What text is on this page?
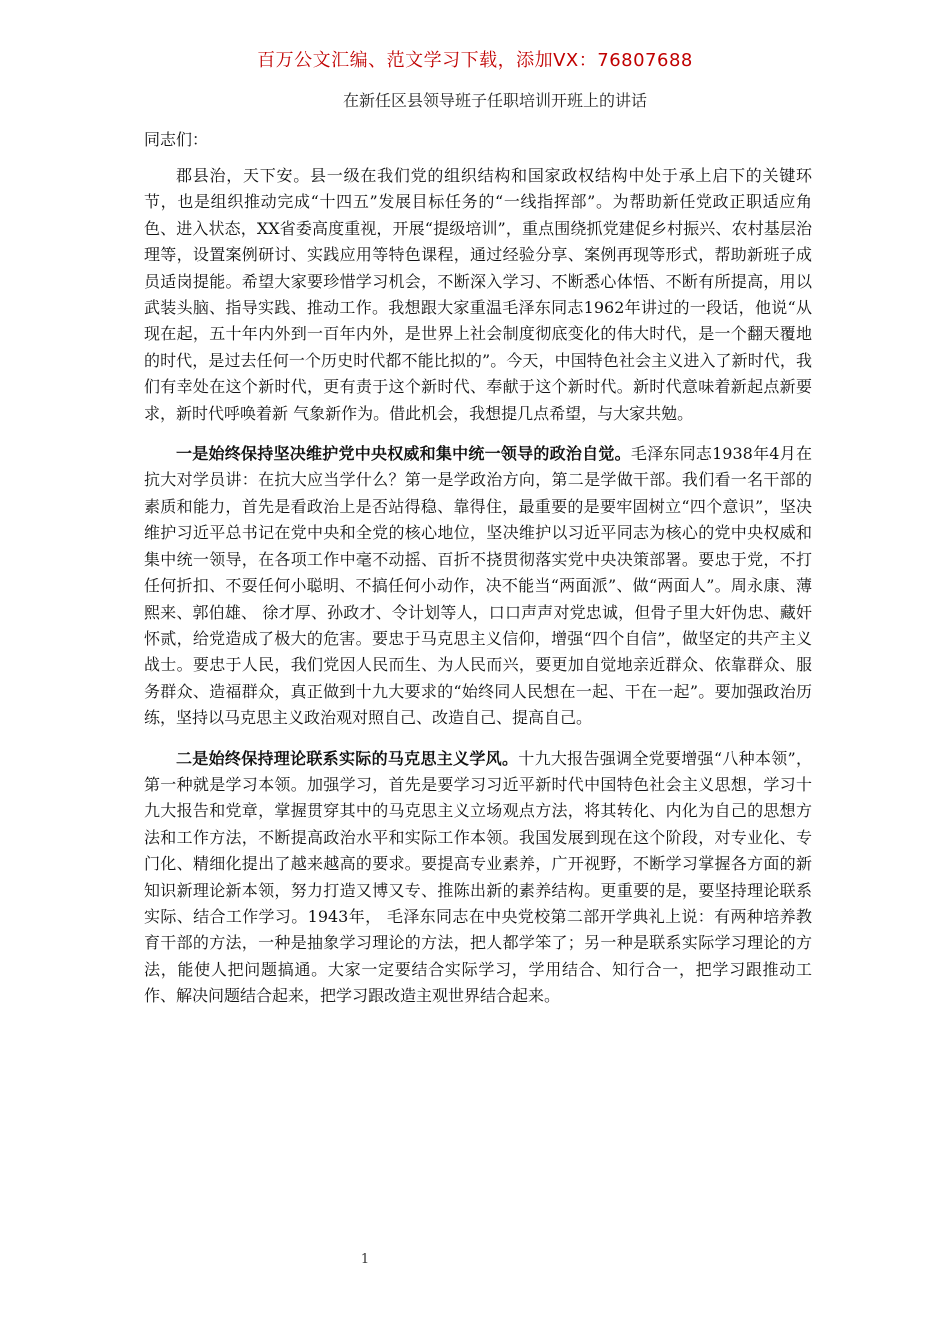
百万公文汇编、范文学习下载，添加VX：76807688
在新任区县领导班子任职培训开班上的讲话
同志们：

郡县治，天下安。县一级在我们党的组织结构和国家政权结构中处于承上启下的关键环节，也是组织推动完成“十四五”发展目标任务的“一线指挥部”。为帮助新任党政正职适应角色、进入状态，XX省委高度重视，开展“提级培训”，重点围绕抓党建促乡村振兴、农村基层治理等，设置案例研讨、实践应用等特色课程，通过经验分享、案例再现等形式，帮助新班子成员适岗提能。希望大家要珍惜学习机会，不断深入学习、不断悉心体悟、不断有所提高，用以武装头脑、指导实践、推动工作。我想跟大家重温毛泽东同志1962年讲过的一段话，他说“从现在起，五十年内外到一百年内外，是世界上社会制度彻底变化的伟大时代，是一个翻天覆地的时代，是过去任何一个历史时代都不能比拟的”。今天，中国特色社会主义进入了新时代，我们有幸处在这个新时代，更有责于这个新时代、奉献于这个新时代。新时代意味着新起点新要求，新时代呼唤着新 气象新作为。借此机会，我想提几点希望，与大家共勉。

一是始终保持坚决维护党中央权威和集中统一领导的政治自觉。毛泽东同志1938年4月在抗大对学员讲：在抗大应当学什么？第一是学政治方向，第二是学做干部。我们看一名干部的素质和能力，首先是看政治上是否站得稳、靠得住，最重要的是要牢固树立“四个意识”，坚决维护习近平总书记在党中央和全党的核心地位，坚决维护以习近平同志为核心的党中央权威和集中统一领导，在各项工作中毫不动摇、百折不挠贯彻落实党中央决策部署。要忠于党，不打任何折扣、不耍任何小聪明、不搞任何小动作，决不能当“两面派”、做“两面人”。周永康、薄熙来、郭伯雄、 徐才厚、孙政才、令计划等人，口口声声对党忠诚，但骨子里大奸伪忠、藏奸怀贰，给党造成了极大的危害。要忠于马克思主义信仰，增强“四个自信”，做坚定的共产主义战士。要忠于人民，我们党因人民而生、为人民而兴，要更加自觉地亲近群众、依靠群众、服务群众、造福群众，真正做到十九大要求的“始终同人民想在一起、干在一起”。要加强政治历练，坚持以马克思主义政治观对照自己、改造自己、提高自己。

二是始终保持理论联系实际的马克思主义学风。十九大报告强调全党要增强“八种本领”，第一种就是学习本领。加强学习，首先是要学习习近平新时代中国特色社会主义思想，学习十九大报告和党章，掌握贯穿其中的马克思主义立场观点方法，将其转化、内化为自己的思想方法和工作方法，不断提高政治水平和实际工作本领。我国发展到现在这个阶段，对专业化、专门化、精细化提出了越来越高的要求。要提高专业素养，广开视野，不断学习掌握各方面的新知识新理论新本领，努力打造又博又专、推陈出新的素养结构。更重要的是，要坚持理论联系实际、结合工作学习。1943年， 毛泽东同志在中央党校第二部开学典礼上说：有两种培养教育干部的方法，一种是抽象学习理论的方法，把人都学笨了；另一种是联系实际学习理论的方法，能使人把问题搞通。大家一定要结合实际学习，学用结合、知行合一，把学习跟推动工作、解决问题结合起来，把学习跟改造主观世界结合起来。

1
